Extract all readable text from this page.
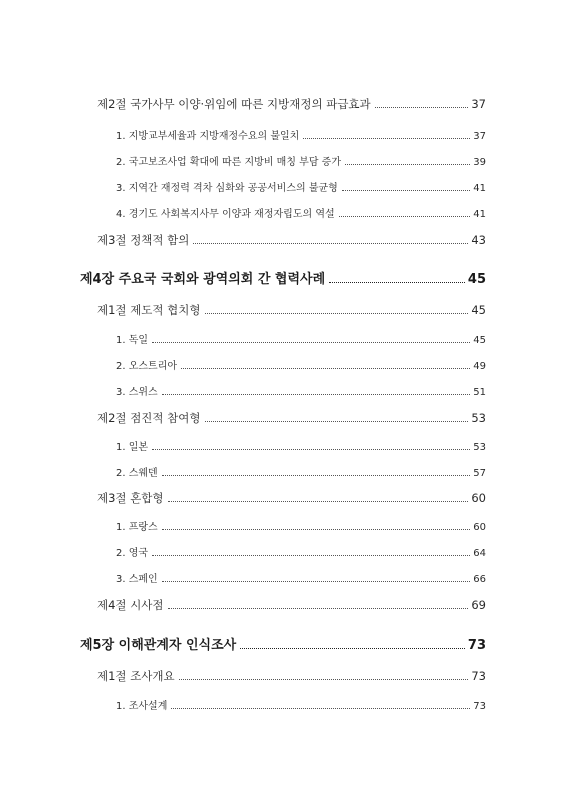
제2절 국가사무 이양·위임에 따른 지방재정의 파급효과	37
1. 지방교부세율과 지방재정수요의 불일치	37
2. 국고보조사업 확대에 따른 지방비 매칭 부담 증가	39
3. 지역간 재정력 격차 심화와 공공서비스의 불균형	41
4. 경기도 사회복지사무 이양과 재정자립도의 역설	41
제3절 정책적 함의	43
제4장 주요국 국회와 광역의회 간 협력사례	45
제1절 제도적 협치형	45
1. 독일	45
2. 오스트리아	49
3. 스위스	51
제2절 점진적 참여형	53
1. 일본	53
2. 스웨덴	57
제3절 혼합형	60
1. 프랑스	60
2. 영국	64
3. 스페인	66
제4절 시사점	69
제5장 이해관계자 인식조사	73
제1절 조사개요	73
1. 조사설계	73
